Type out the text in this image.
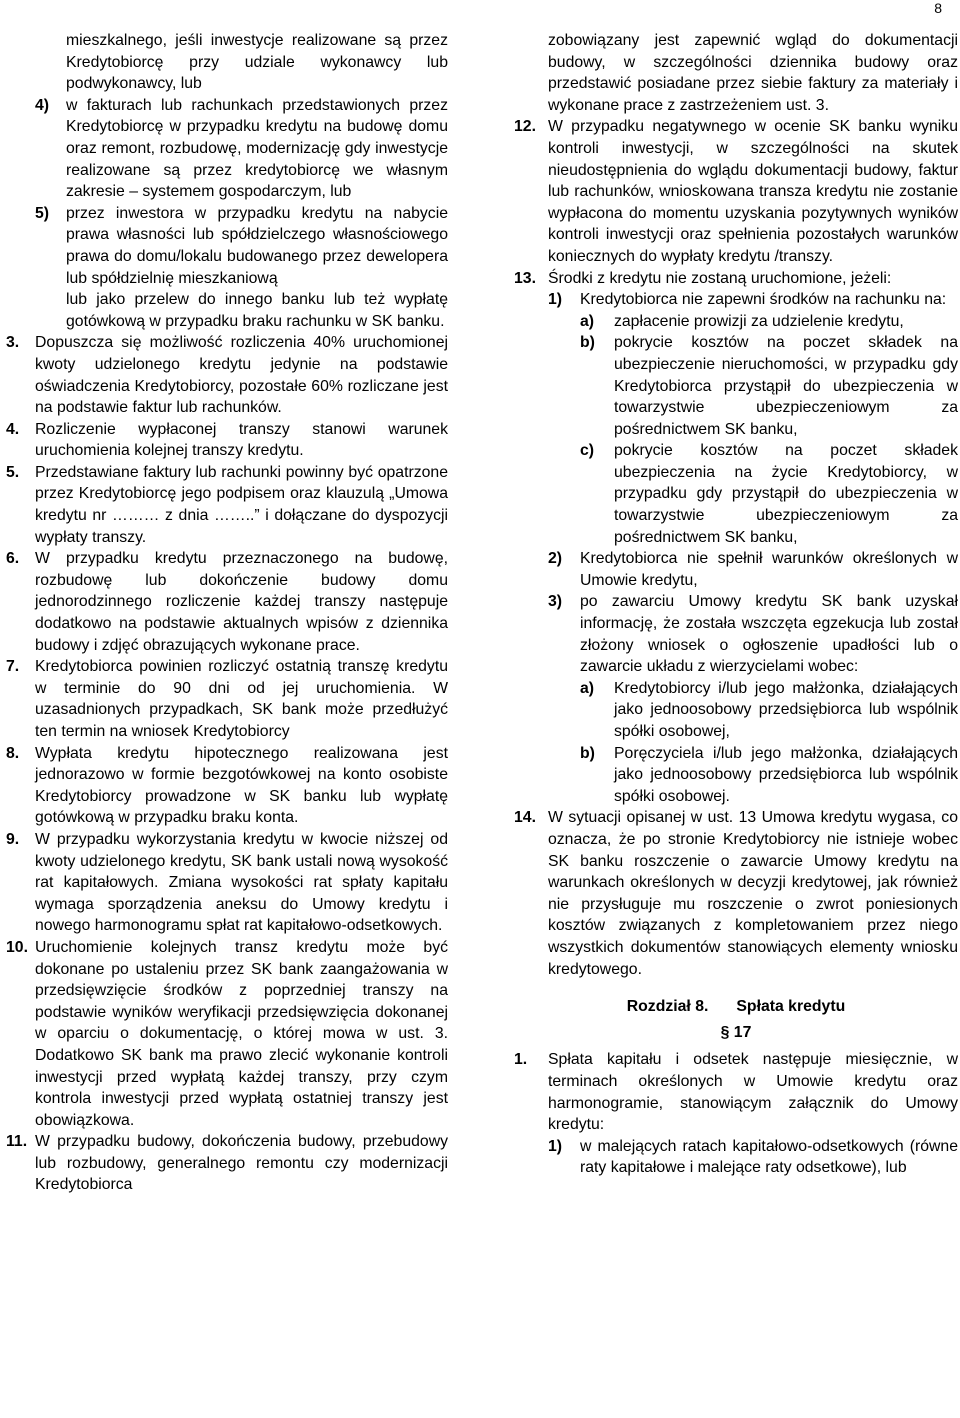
8
mieszkalnego, jeśli inwestycje realizowane są przez Kredytobiorcę przy udziale wykonawcy lub podwykonawcy, lub
4)	w fakturach lub rachunkach przedstawionych przez Kredytobiorcę w przypadku kredytu na budowę domu oraz remont, rozbudowę, modernizację gdy inwestycje realizowane są przez kredytobiorcę we własnym zakresie – systemem gospodarczym, lub
5)	przez inwestora w przypadku kredytu na nabycie prawa własności lub spółdzielczego własnościowego prawa do domu/lokalu budowanego przez dewelopera lub spółdzielnię mieszkaniową
lub jako przelew do innego banku lub też wypłatę gotówkową w przypadku braku rachunku w SK banku.
3.	Dopuszcza się możliwość rozliczenia 40% uruchomionej kwoty udzielonego kredytu jedynie na podstawie oświadczenia Kredytobiorcy, pozostałe 60% rozliczane jest na podstawie faktur lub rachunków.
4.	Rozliczenie wypłaconej transzy stanowi warunek uruchomienia kolejnej transzy kredytu.
5.	Przedstawiane faktury lub rachunki powinny być opatrzone przez Kredytobiorcę jego podpisem oraz klauzulą „Umowa kredytu nr ……… z dnia ……..” i dołączane do dyspozycji wypłaty transzy.
6.	W przypadku kredytu przeznaczonego na budowę, rozbudowę lub dokończenie budowy domu jednorodzinnego rozliczenie każdej transzy następuje dodatkowo na podstawie aktualnych wpisów z dziennika budowy i zdjęć obrazujących wykonane prace.
7.	Kredytobiorca powinien rozliczyć ostatnią transzę kredytu w terminie do 90 dni od jej uruchomienia. W uzasadnionych przypadkach, SK bank może przedłużyć ten termin na wniosek Kredytobiorcy
8.	Wypłata kredytu hipotecznego realizowana jest jednorazowo w formie bezgotówkowej na konto osobiste Kredytobiorcy prowadzone w SK banku lub wypłatę gotówkową w przypadku braku konta.
9.	W przypadku wykorzystania kredytu w kwocie niższej od kwoty udzielonego kredytu, SK bank ustali nową wysokość rat kapitałowych. Zmiana wysokości rat spłaty kapitału wymaga sporządzenia aneksu do Umowy kredytu i nowego harmonogramu spłat rat kapitałowo-odsetkowych.
10. Uruchomienie kolejnych transz kredytu może być dokonane po ustaleniu przez SK bank zaangażowania w przedsięwzięcie środków z poprzedniej transzy na podstawie wyników weryfikacji przedsięwzięcia dokonanej w oparciu o dokumentację, o której mowa w ust. 3. Dodatkowo SK bank ma prawo zlecić wykonanie kontroli inwestycji przed wypłatą każdej transzy, przy czym kontrola inwestycji przed wypłatą ostatniej transzy jest obowiązkowa.
11. W przypadku budowy, dokończenia budowy, przebudowy lub rozbudowy, generalnego remontu czy modernizacji Kredytobiorca
zobowiązany jest zapewnić wgląd do dokumentacji budowy, w szczególności dziennika budowy oraz przedstawić posiadane przez siebie faktury za materiały i wykonane prace z zastrzeżeniem ust. 3.
12. W przypadku negatywnego w ocenie SK banku wyniku kontroli inwestycji, w szczególności na skutek nieudostępnienia do wglądu dokumentacji budowy, faktur lub rachunków, wnioskowana transza kredytu nie zostanie wypłacona do momentu uzyskania pozytywnych wyników kontroli inwestycji oraz spełnienia pozostałych warunków koniecznych do wypłaty kredytu /transzy.
13. Środki z kredytu nie zostaną uruchomione, jeżeli:
1)	Kredytobiorca nie zapewni środków na rachunku na:
a)	zapłacenie prowizji za udzielenie kredytu,
b)	pokrycie kosztów na poczet składek na ubezpieczenie nieruchomości, w przypadku gdy Kredytobiorca przystąpił do ubezpieczenia w towarzystwie ubezpieczeniowym za pośrednictwem SK banku,
c)	pokrycie kosztów na poczet składek ubezpieczenia na życie Kredytobiorcy, w przypadku gdy przystąpił do ubezpieczenia w towarzystwie ubezpieczeniowym za pośrednictwem SK banku,
2)	Kredytobiorca nie spełnił warunków określonych w Umowie kredytu,
3)	po zawarciu Umowy kredytu SK bank uzyskał informację, że została wszczęta egzekucja lub został złożony wniosek o ogłoszenie upadłości lub o zawarcie układu z wierzycielami wobec:
a)	Kredytobiorcy i/lub jego małżonka, działających jako jednoosobowy przedsiębiorca lub wspólnik spółki osobowej,
b)	Poręczyciela i/lub jego małżonka, działających jako jednoosobowy przedsiębiorca lub wspólnik spółki osobowej.
14. W sytuacji opisanej w ust. 13 Umowa kredytu wygasa, co oznacza, że po stronie Kredytobiorcy nie istnieje wobec SK banku roszczenie o zawarcie Umowy kredytu na warunkach określonych w decyzji kredytowej, jak również nie przysługuje mu roszczenie o zwrot poniesionych kosztów związanych z kompletowaniem przez niego wszystkich dokumentów stanowiących elementy wniosku kredytowego.
Rozdział 8. Spłata kredytu
§ 17
1.	Spłata kapitału i odsetek następuje miesięcznie, w terminach określonych w Umowie kredytu oraz harmonogramie, stanowiącym załącznik do Umowy kredytu:
1)	w malejących ratach kapitałowo-odsetkowych (równe raty kapitałowe i malejące raty odsetkowe), lub
